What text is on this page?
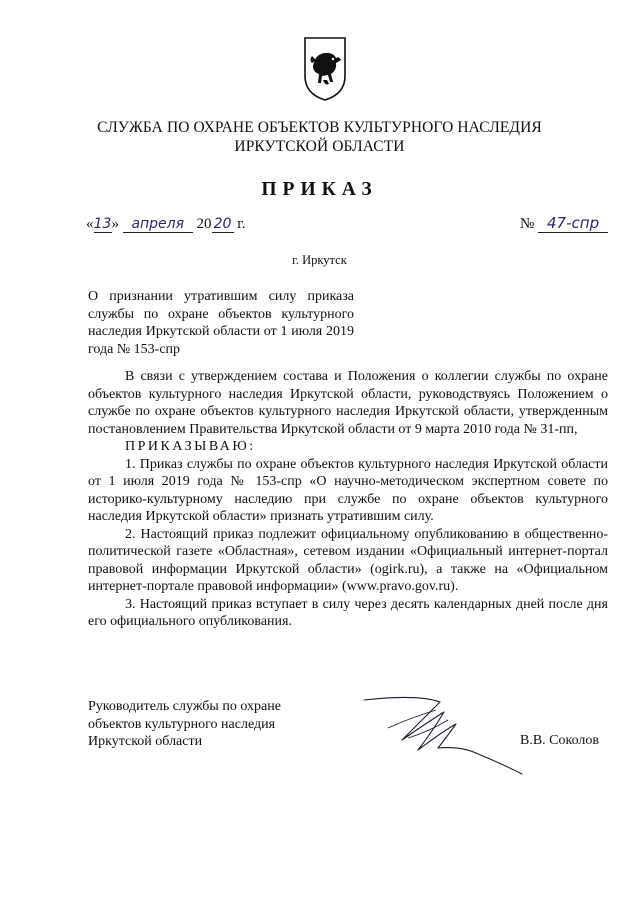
СЛУЖБА ПО ОХРАНЕ ОБЪЕКТОВ КУЛЬТУРНОГО НАСЛЕДИЯ
ИРКУТСКОЙ ОБЛАСТИ
ПРИКАЗ
«13» апреля 20 20 г.	№ 47-спр
г. Иркутск

О признании утратившим силу приказа службы по охране объектов культурного наследия Иркутской области от 1 июля 2019 года № 153-спр

В связи с утверждением состава и Положения о коллегии службы по охране объектов культурного наследия Иркутской области, руководствуясь Положением о службе по охране объектов культурного наследия Иркутской области, утвержденным постановлением Правительства Иркутской области от 9 марта 2010 года № 31-пп,

ПРИКАЗЫВАЮ:

1. Приказ службы по охране объектов культурного наследия Иркутской области от 1 июля 2019 года № 153-спр «О научно-методическом экспертном совете по историко-культурному наследию при службе по охране объектов культурного наследия Иркутской области» признать утратившим силу.

2. Настоящий приказ подлежит официальному опубликованию в общественно-политической газете «Областная», сетевом издании «Официальный интернет-портал правовой информации Иркутской области» (ogirk.ru), а также на «Официальном интернет-портале правовой информации» (www.pravo.gov.ru).

3. Настоящий приказ вступает в силу через десять календарных дней после дня его официального опубликования.

Руководитель службы по охране
объектов культурного наследия
Иркутской области	В.В. Соколов
